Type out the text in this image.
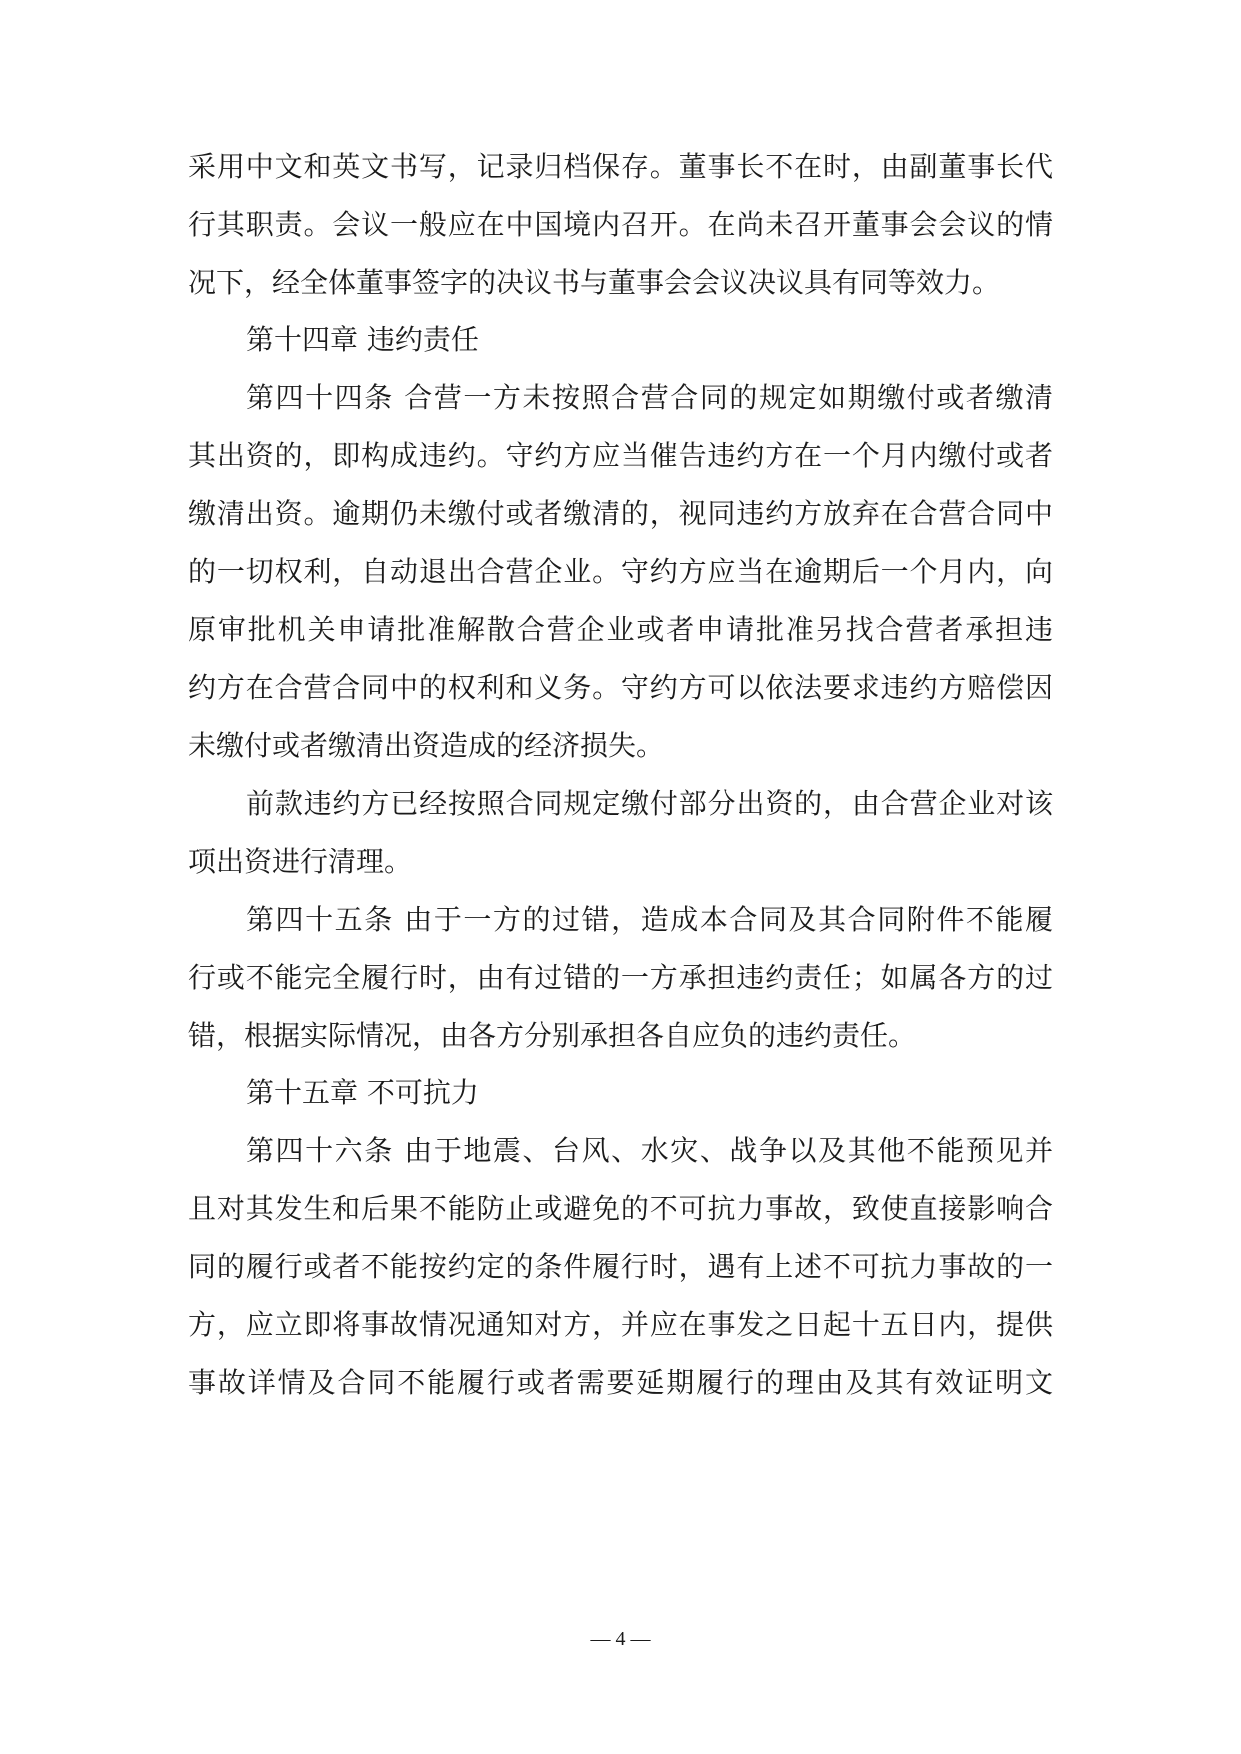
采用中文和英文书写，记录归档保存。董事长不在时，由副董事长代
行其职责。会议一般应在中国境内召开。在尚未召开董事会会议的情
况下，经全体董事签字的决议书与董事会会议决议具有同等效力。
第十四章 违约责任
第四十四条 合营一方未按照合营合同的规定如期缴付或者缴清
其出资的，即构成违约。守约方应当催告违约方在一个月内缴付或者
缴清出资。逾期仍未缴付或者缴清的，视同违约方放弃在合营合同中
的一切权利，自动退出合营企业。守约方应当在逾期后一个月内，向
原审批机关申请批准解散合营企业或者申请批准另找合营者承担违
约方在合营合同中的权利和义务。守约方可以依法要求违约方赔偿因
未缴付或者缴清出资造成的经济损失。
前款违约方已经按照合同规定缴付部分出资的，由合营企业对该
项出资进行清理。
第四十五条 由于一方的过错，造成本合同及其合同附件不能履
行或不能完全履行时，由有过错的一方承担违约责任；如属各方的过
错，根据实际情况，由各方分别承担各自应负的违约责任。
第十五章 不可抗力
第四十六条 由于地震、台风、水灾、战争以及其他不能预见并
且对其发生和后果不能防止或避免的不可抗力事故，致使直接影响合
同的履行或者不能按约定的条件履行时，遇有上述不可抗力事故的一
方，应立即将事故情况通知对方，并应在事发之日起十五日内，提供
事故详情及合同不能履行或者需要延期履行的理由及其有效证明文
— 4 —
